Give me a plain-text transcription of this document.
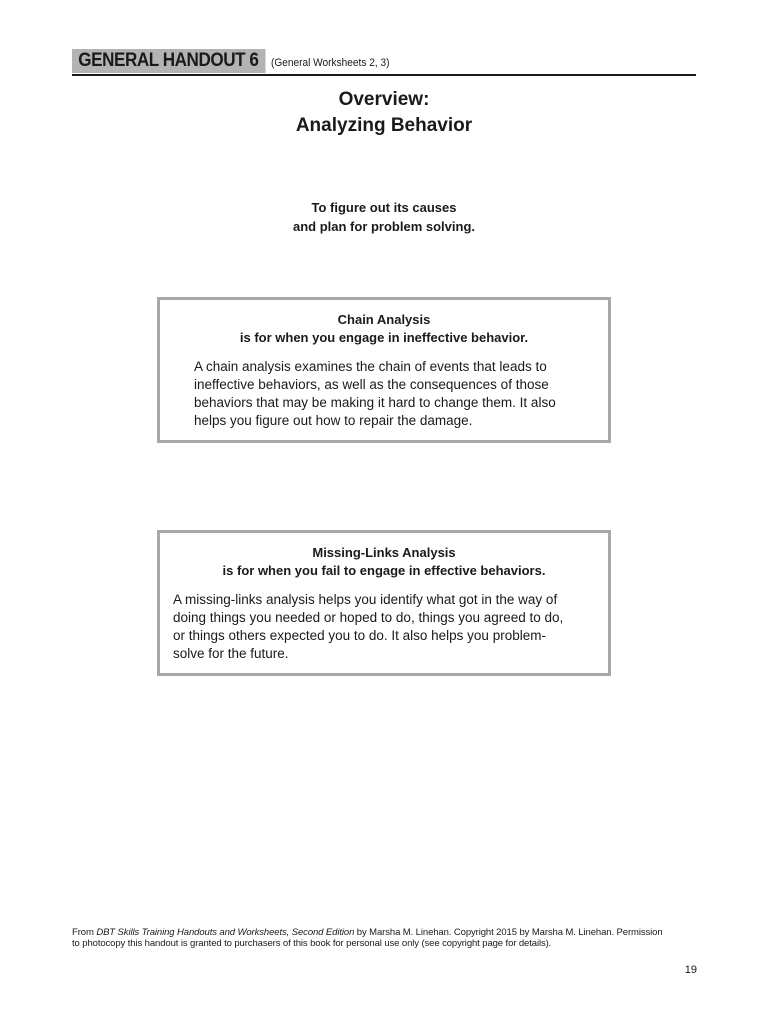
GENERAL HANDOUT 6	(General Worksheets 2, 3)
Overview:
Analyzing Behavior
To figure out its causes
and plan for problem solving.
Chain Analysis
is for when you engage in ineffective behavior.
A chain analysis examines the chain of events that leads to
ineffective behaviors, as well as the consequences of those
behaviors that may be making it hard to change them. It also
helps you figure out how to repair the damage.
Missing-Links Analysis
is for when you fail to engage in effective behaviors.
A missing-links analysis helps you identify what got in the way of
doing things you needed or hoped to do, things you agreed to do,
or things others expected you to do. It also helps you problem-
solve for the future.
From DBT Skills Training Handouts and Worksheets, Second Edition by Marsha M. Linehan. Copyright 2015 by Marsha M. Linehan. Permission
to photocopy this handout is granted to purchasers of this book for personal use only (see copyright page for details).
19
